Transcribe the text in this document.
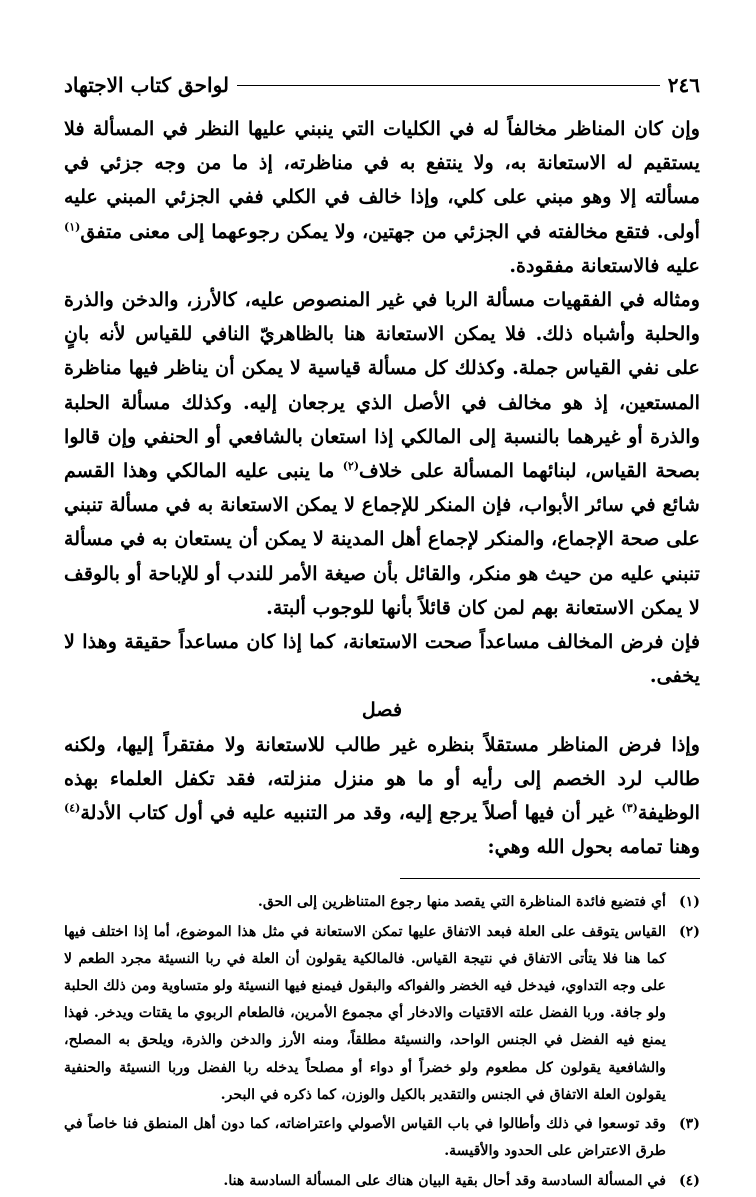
٢٤٦
لواحق كتاب الاجتهاد

وإن كان المناظر مخالفاً له في الكليات التي ينبني عليها النظر في المسألة فلا يستقيم له الاستعانة به، ولا ينتفع به في مناظرته، إذ ما من وجه جزئي في مسألته إلا وهو مبني على كلي، وإذا خالف في الكلي ففي الجزئي المبني عليه أولى. فتقع مخالفته في الجزئي من جهتين، ولا يمكن رجوعهما إلى معنى متفق$^{(١)}$ عليه فالاستعانة مفقودة.

ومثاله في الفقهيات مسألة الربا في غير المنصوص عليه، كالأرز، والدخن والذرة والحلبة وأشباه ذلك. فلا يمكن الاستعانة هنا بالظاهريّ النافي للقياس لأنه بانٍ على نفي القياس جملة. وكذلك كل مسألة قياسية لا يمكن أن يناظر فيها مناظرة المستعين، إذ هو مخالف في الأصل الذي يرجعان إليه. وكذلك مسألة الحلبة والذرة أو غيرهما بالنسبة إلى المالكي إذا استعان بالشافعي أو الحنفي وإن قالوا بصحة القياس، لبنائهما المسألة على خلاف$^{(٢)}$ ما ينبى عليه المالكي وهذا القسم شائع في سائر الأبواب، فإن المنكر للإجماع لا يمكن الاستعانة به في مسألة تنبني على صحة الإجماع، والمنكر لإجماع أهل المدينة لا يمكن أن يستعان به في مسألة تنبني عليه من حيث هو منكر، والقائل بأن صيغة الأمر للندب أو للإباحة أو بالوقف لا يمكن الاستعانة بهم لمن كان قائلاً بأنها للوجوب ألبتة.

فإن فرض المخالف مساعداً صحت الاستعانة، كما إذا كان مساعداً حقيقة وهذا لا يخفى.

فصل

وإذا فرض المناظر مستقلاً بنظره غير طالب للاستعانة ولا مفتقراً إليها، ولكنه طالب لرد الخصم إلى رأيه أو ما هو منزل منزلته، فقد تكفل العلماء بهذه الوظيفة$^{(٣)}$ غير أن فيها أصلاً يرجع إليه، وقد مر التنبيه عليه في أول كتاب الأدلة$^{(٤)}$ وهنا تمامه بحول الله وهي:

(١)
أي فتضيع فائدة المناظرة التي يقصد منها رجوع المتناظرين إلى الحق.
(٢)
القياس يتوقف على العلة فبعد الاتفاق عليها تمكن الاستعانة في مثل هذا الموضوع، أما إذا اختلف فيها كما هنا فلا يتأتى الاتفاق في نتيجة القياس. فالمالكية يقولون أن العلة في ربا النسيئة مجرد الطعم لا على وجه التداوي، فيدخل فيه الخضر والفواكه والبقول فيمنع فيها النسيئة ولو متساوية ومن ذلك الحلبة ولو جافة. وربا الفضل علته الاقتيات والادخار أي مجموع الأمرين، فالطعام الربوي ما يقتات ويدخر. فهذا يمنع فيه الفضل في الجنس الواحد، والنسيئة مطلقاً، ومنه الأرز والدخن والذرة، ويلحق به المصلح، والشافعية يقولون كل مطعوم ولو خضراً أو دواء أو مصلحاً يدخله ربا الفضل وربا النسيئة والحنفية يقولون العلة الاتفاق في الجنس والتقدير بالكيل والوزن، كما ذكره في البحر.
(٣)
وقد توسعوا في ذلك وأطالوا في باب القياس الأصولي واعتراضاته، كما دون أهل المنطق فنا خاصاً في طرق الاعتراض على الحدود والأقيسة.
(٤)
في المسألة السادسة وقد أحال بقية البيان هناك على المسألة السادسة هنا.
